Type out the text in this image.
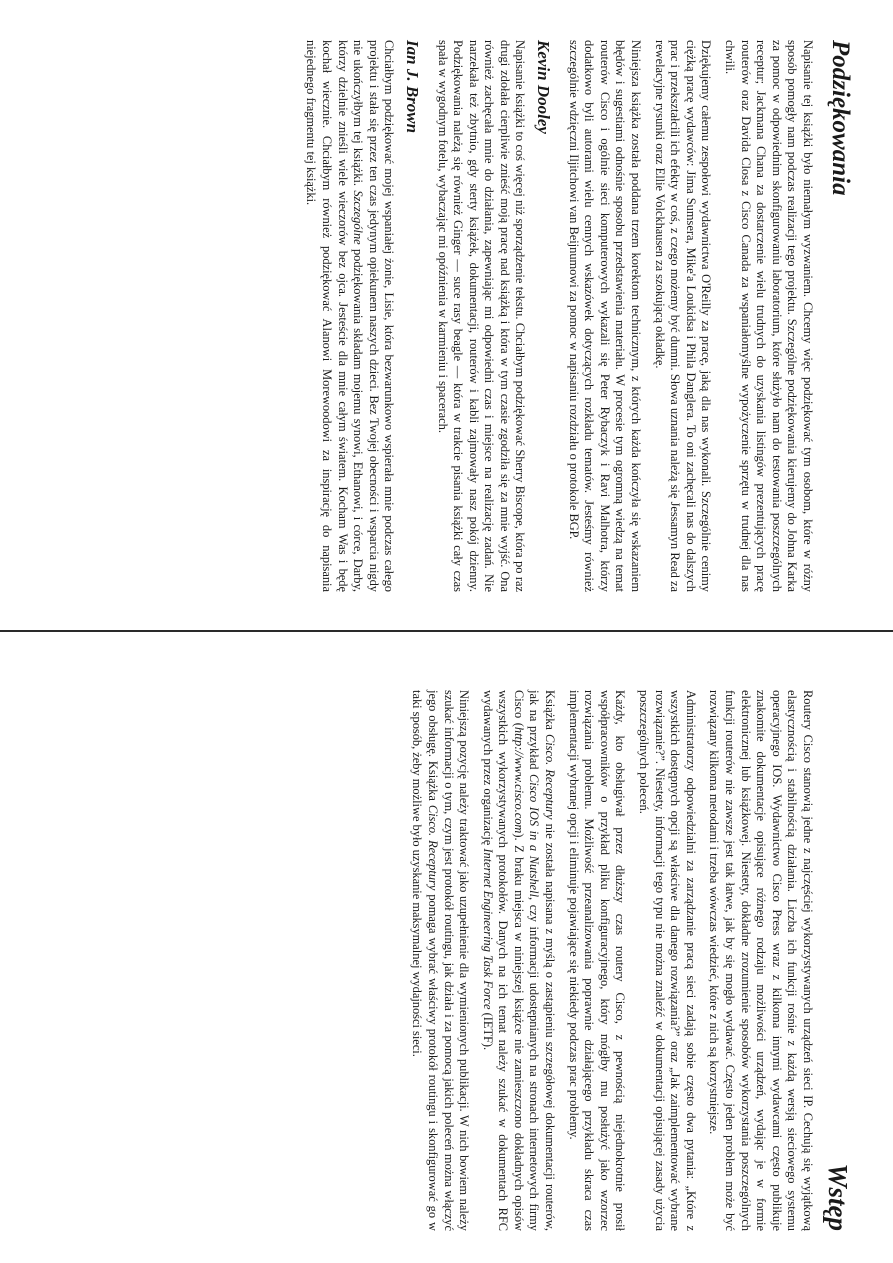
Podziękowania

Napisanie tej książki było niemałym wyzwaniem. Chcemy więc podziękować tym osobom, które w różny sposób pomogły nam podczas realizacji tego projektu. Szczególne podziękowania kierujemy do Johna Karka za pomoc w odpowiednim skonfigurowaniu laboratorium, które służyło nam do testowania poszczególnych receptur; Jackmana Chana za dostarczenie wielu trudnych do uzyskania listingów prezentujących pracę routerów oraz Davida Closa z Cisco Canada za wspaniałomyślne wypożyczenie sprzętu w trudnej dla nas chwili.

Dziękujemy całemu zespołowi wydawnictwa O'Reilly za pracę, jaką dla nas wykonali. Szczególnie cenimy ciężką pracę wydawców: Jima Sumsera, Mike'a Loukidsa i Phila Danglera. To oni zachęcali nas do dalszych prac i przekształcili ich efekty w coś, z czego możemy być dumni. Słowa uznania należą się Jessamyn Read za rewelacyjne rysunki oraz Ellie Volckhausen za szokującą okładkę.

Niniejsza książka została poddana trzem korektom technicznym, z których każda kończyła się wskazaniem błędów i sugestiami odnośnie sposobu przedstawienia materiału. W procesie tym ogromną wiedzą na temat routerów Cisco i ogólnie sieci komputerowych wykazali się Peter Rybaczyk i Ravi Malhotra, którzy dodatkowo byli autorami wielu cennych wskazówek dotyczących rozkładu tematów. Jesteśmy również szczególnie wdzięczni Iljitchowi van Beijnumowi za pomoc w napisaniu rozdziału o protokole BGP.

Kevin Dooley

Napisanie książki to coś więcej niż sporządzenie tekstu. Chciałbym podziękować Sherry Biscope, która po raz drugi zdołała cierpliwie znieść moją pracę nad książką i która w tym czasie zgodziła się za mnie wyjść. Ona również zachęcała mnie do działania, zapewniając mi odpowiedni czas i miejsce na realizację zadań. Nie narzekała też zbytnio, gdy sterty książek, dokumentacji, routerów i kabli zajmowały nasz pokój dzienny. Podziękowania należą się również Ginger — suce rasy beagle — która w trakcie pisania książki cały czas spała w wygodnym fotelu, wybaczając mi opóźnienia w karmieniu i spacerach.

Ian J. Brown

Chciałbym podziękować mojej wspaniałej żonie, Lisie, która bezwarunkowo wspierała mnie podczas całego projektu i stała się przez ten czas jedynym opiekunem naszych dzieci. Bez Twojej obecności i wsparcia nigdy nie ukończyłbym tej książki. Szczególne podziękowania składam mojemu synowi, Ethanowi, i córce, Darby, którzy dzielnie znieśli wiele wieczorów bez ojca. Jesteście dla mnie całym światem. Kocham Was i będę kochał wiecznie. Chciałbym również podziękować Alanowi Morewoodowi za inspirację do napisania niejednego fragmentu tej książki.

Wstęp

Routery Cisco stanowią jedne z najczęściej wykorzystywanych urządzeń sieci IP. Cechują się wyjątkową elastycznością i stabilnością działania. Liczba ich funkcji rośnie z każdą wersją sieciowego systemu operacyjnego IOS. Wydawnictwo Cisco Press wraz z kilkoma innymi wydawcami często publikuje znakomite dokumentacje opisujące różnego rodzaju możliwości urządzeń, wydając je w formie elektronicznej lub książkowej. Niestety, dokładne zrozumienie sposobów wykorzystania poszczególnych funkcji routerów nie zawsze jest tak łatwe, jak by się mogło wydawać. Często jeden problem może być rozwiązany kilkoma metodami i trzeba wówczas wiedzieć, które z nich są korzystniejsze.

Administratorzy odpowiedzialni za zarządzanie pracą sieci zadają sobie często dwa pytania: „Które z wszystkich dostępnych opcji są właściwe dla danego rozwiązania?” oraz „Jak zaimplementować wybrane rozwiązanie?”. Niestety, informacji tego typu nie można znaleźć w dokumentacji opisującej zasady użycia poszczególnych poleceń.

Każdy, kto obsługiwał przez dłuższy czas routery Cisco, z pewnością niejednokrotnie prosił współpracowników o przykład pliku konfiguracyjnego, który mógłby mu posłużyć jako wzorzec rozwiązania problemu. Możliwość przeanalizowania poprawnie działającego przykładu skraca czas implementacji wybranej opcji i eliminuje pojawiające się niekiedy podczas prac problemy.

Książka Cisco. Receptury nie została napisana z myślą o zastąpieniu szczegółowej dokumentacji routerów, jak na przykład Cisco IOS in a Nutshell, czy informacji udostępnianych na stronach internetowych firmy Cisco (http://www.cisco.com). Z braku miejsca w niniejszej książce nie zamieszczono dokładnych opisów wszystkich wykorzystywanych protokołów. Danych na ich temat należy szukać w dokumentach RFC wydawanych przez organizację Internet Engineering Task Force (IETF).

Niniejszą pozycję należy traktować jako uzupełnienie dla wymienionych publikacji. W nich bowiem należy szukać informacji o tym, czym jest protokół routingu, jak działa i za pomocą jakich poleceń można włączyć jego obsługę. Książka Cisco. Receptury pomaga wybrać właściwy protokół routingu i skonfigurować go w taki sposób, żeby możliwe było uzyskanie maksymalnej wydajności sieci.
